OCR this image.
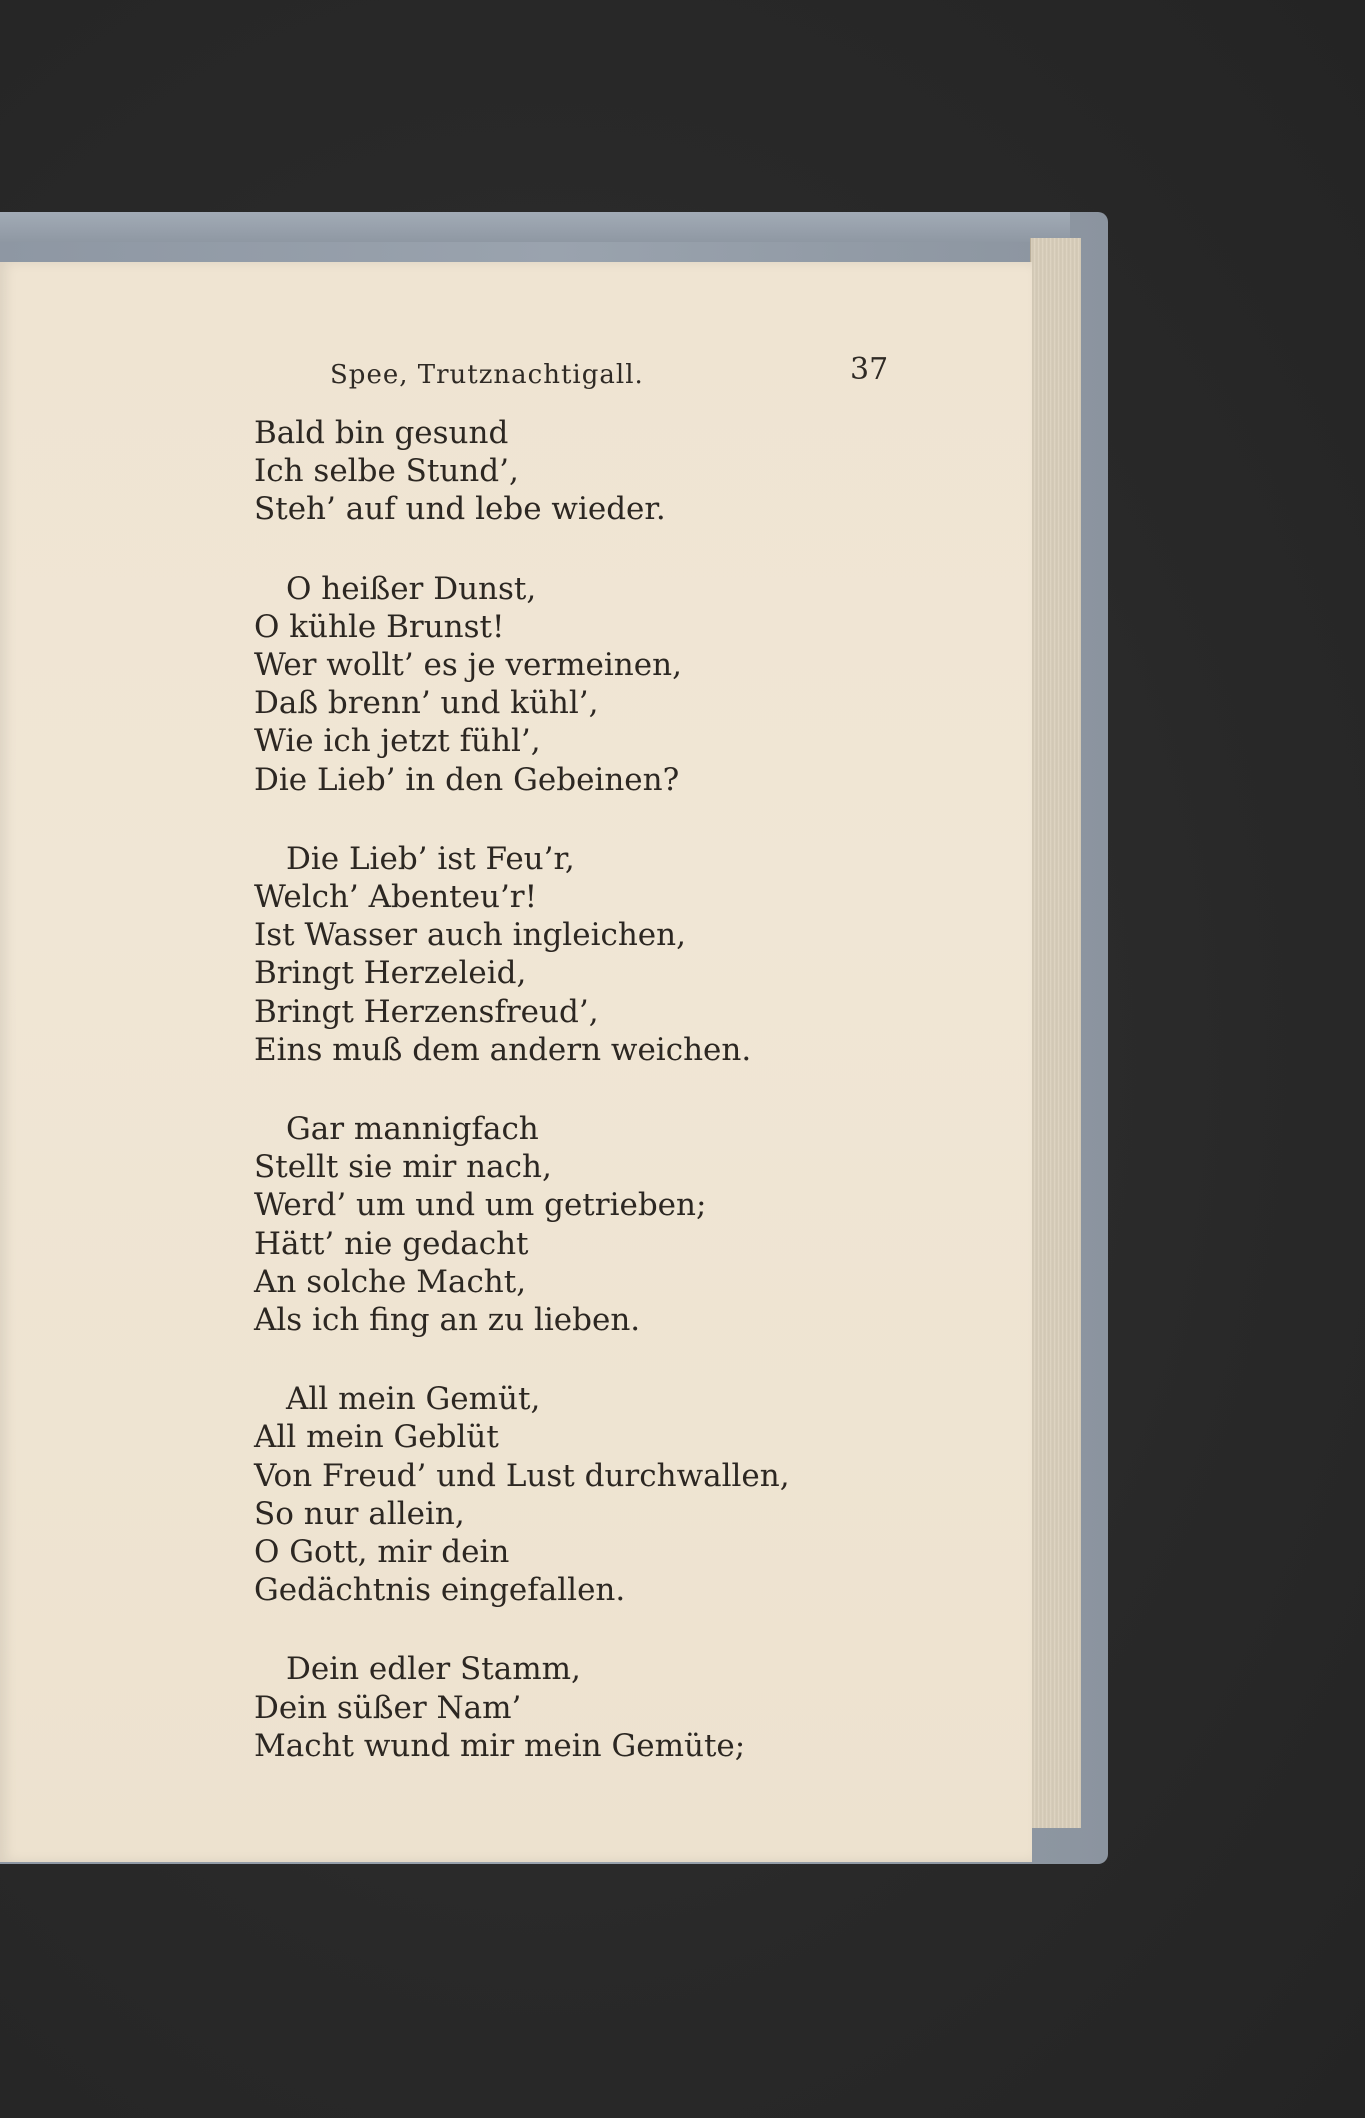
Spee, Trutznachtigall.	37
Bald bin gesund
Ich selbe Stund’,
Steh’ auf und lebe wieder.
O heißer Dunst,
O kühle Brunst!
Wer wollt’ es je vermeinen,
Daß brenn’ und kühl’,
Wie ich jetzt fühl’,
Die Lieb’ in den Gebeinen?
Die Lieb’ ist Feu’r,
Welch’ Abenteu’r!
Ist Wasser auch ingleichen,
Bringt Herzeleid,
Bringt Herzensfreud’,
Eins muß dem andern weichen.
Gar mannigfach
Stellt sie mir nach,
Werd’ um und um getrieben;
Hätt’ nie gedacht
An solche Macht,
Als ich fing an zu lieben.
All mein Gemüt,
All mein Geblüt
Von Freud’ und Lust durchwallen,
So nur allein,
O Gott, mir dein
Gedächtnis eingefallen.
Dein edler Stamm,
Dein süßer Nam’
Macht wund mir mein Gemüte;
